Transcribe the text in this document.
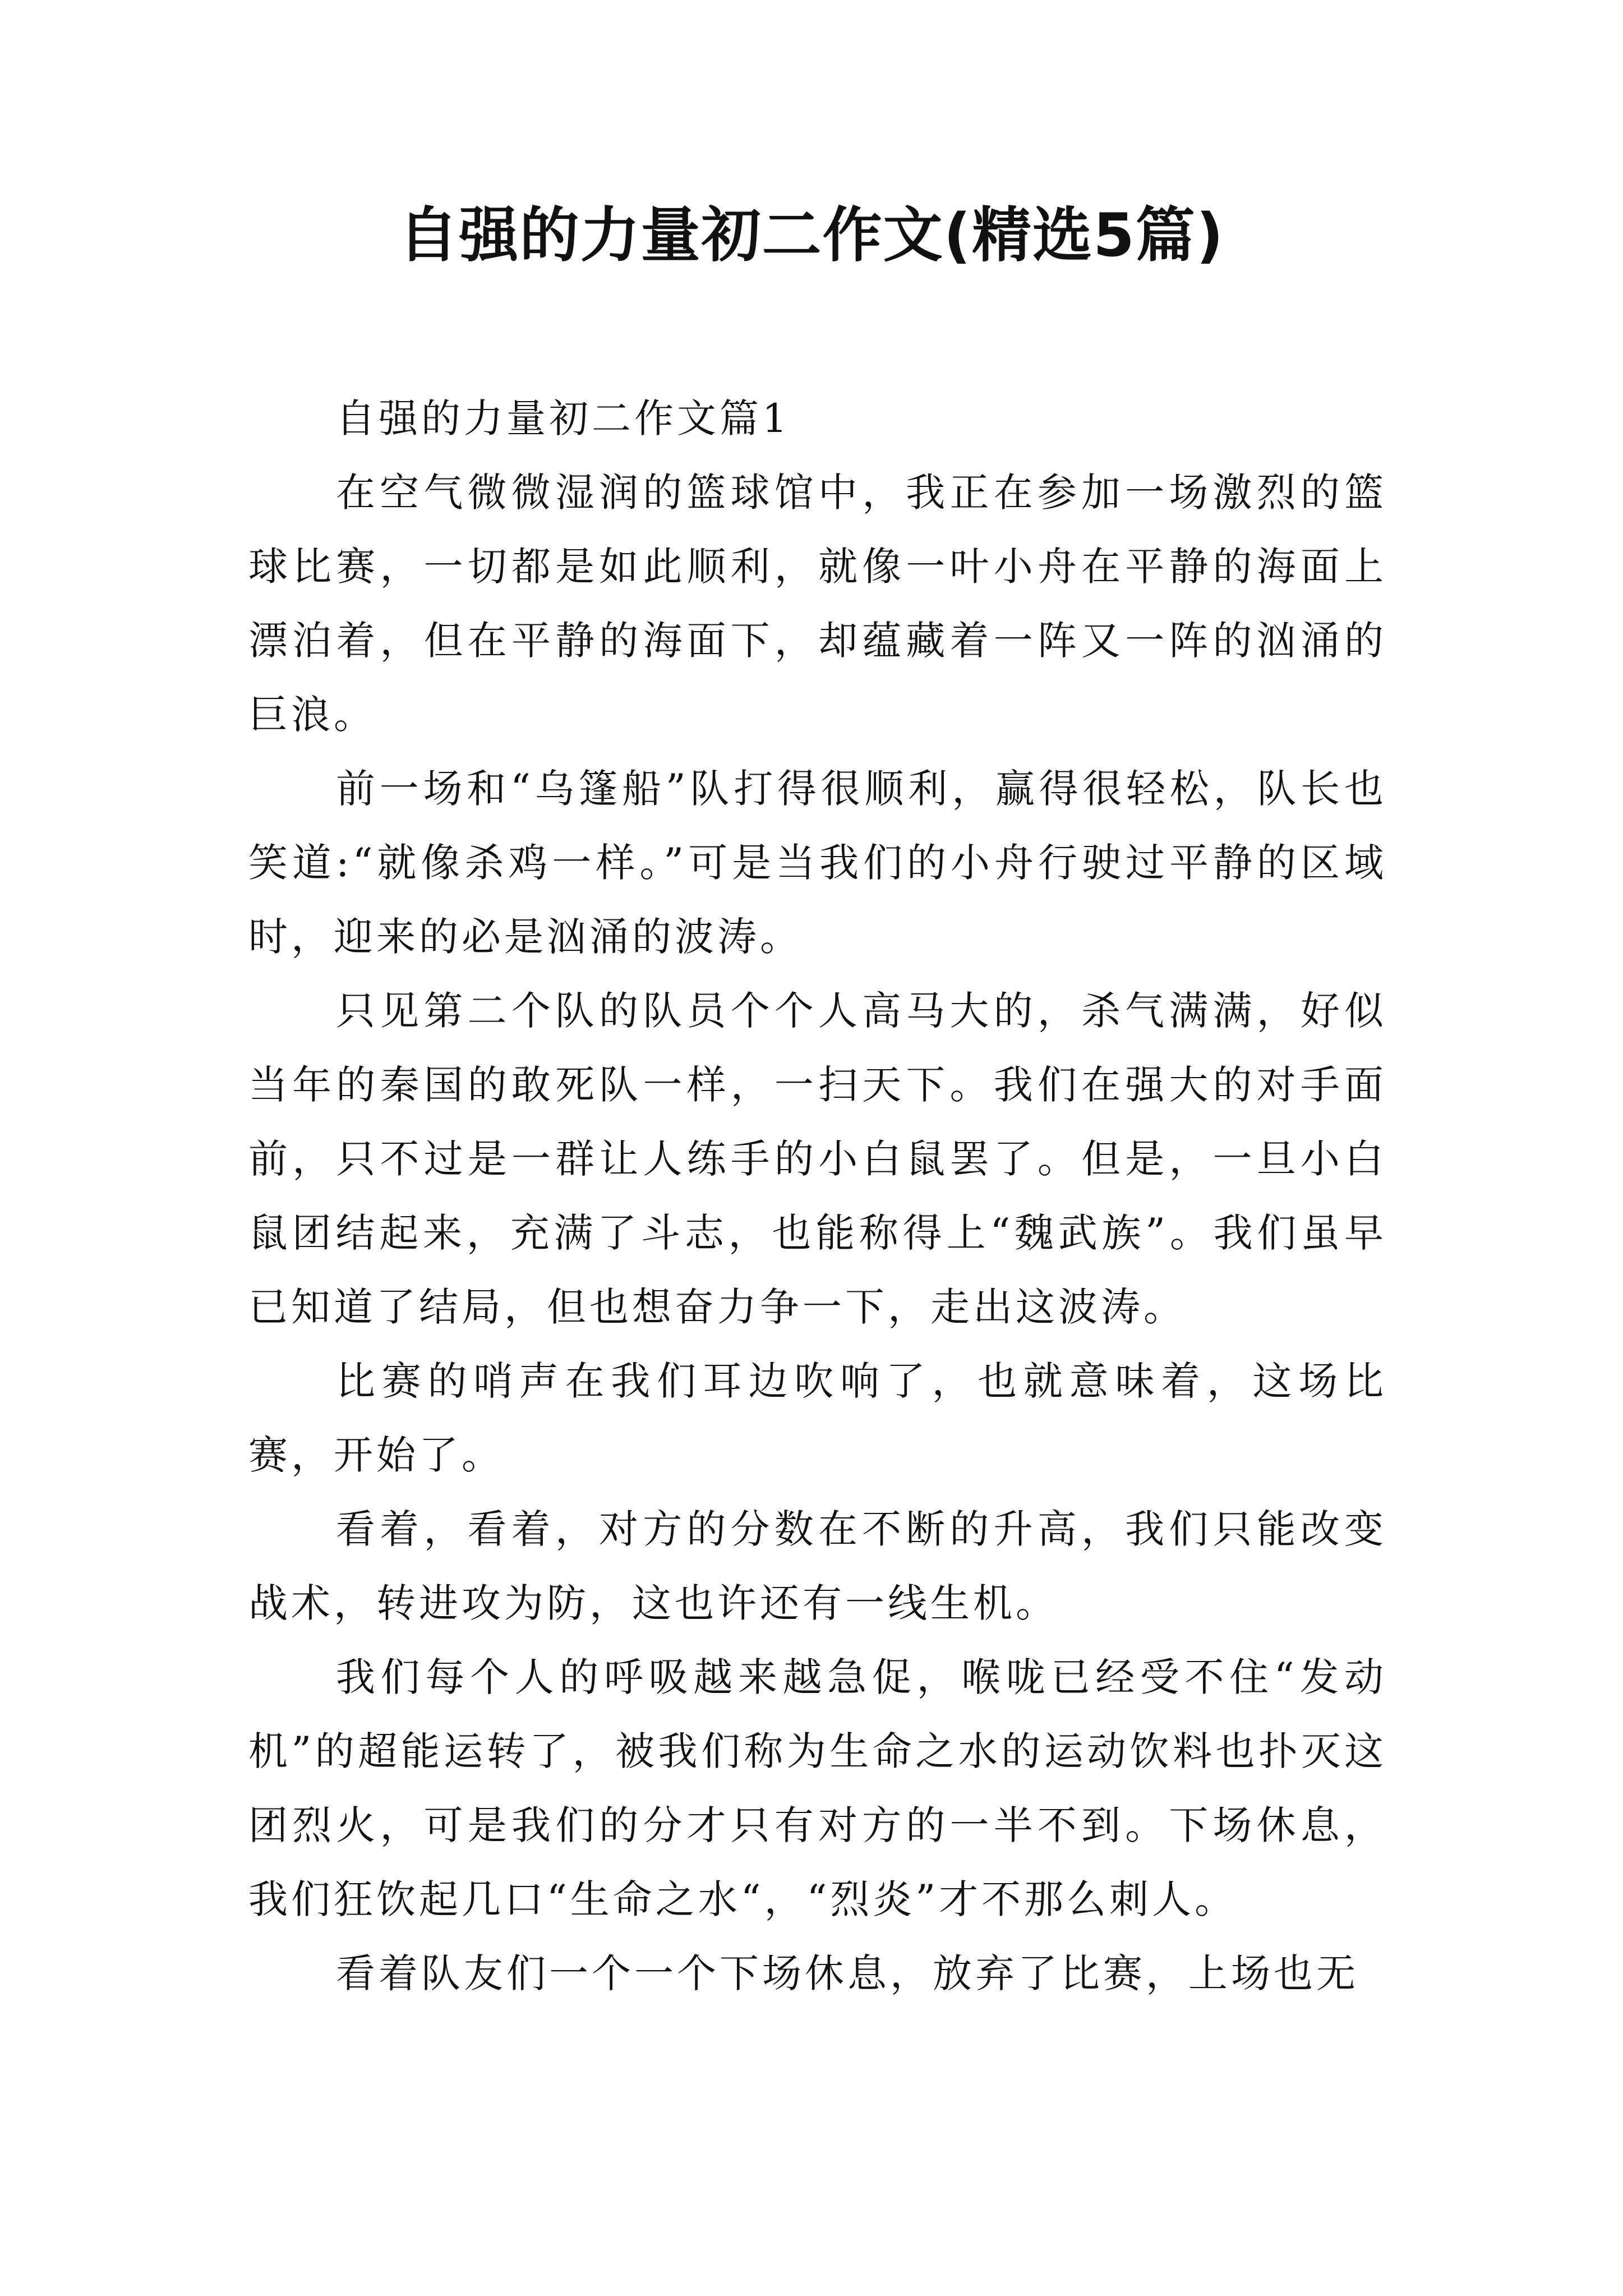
自强的力量初二作文(精选5篇)

自强的力量初二作文篇1

在空气微微湿润的篮球馆中，我正在参加一场激烈的篮球比赛，一切都是如此顺利，就像一叶小舟在平静的海面上漂泊着，但在平静的海面下，却蕴藏着一阵又一阵的汹涌的巨浪。

前一场和“乌篷船”队打得很顺利，赢得很轻松，队长也笑道:“就像杀鸡一样。”可是当我们的小舟行驶过平静的区域时，迎来的必是汹涌的波涛。

只见第二个队的队员个个人高马大的，杀气满满，好似当年的秦国的敢死队一样，一扫天下。我们在强大的对手面前，只不过是一群让人练手的小白鼠罢了。但是，一旦小白鼠团结起来，充满了斗志，也能称得上“魏武族”。我们虽早已知道了结局，但也想奋力争一下，走出这波涛。

比赛的哨声在我们耳边吹响了，也就意味着，这场比赛，开始了。

看着，看着，对方的分数在不断的升高，我们只能改变战术，转进攻为防，这也许还有一线生机。

我们每个人的呼吸越来越急促，喉咙已经受不住“发动机”的超能运转了，被我们称为生命之水的运动饮料也扑灭这团烈火，可是我们的分才只有对方的一半不到。下场休息，我们狂饮起几口“生命之水“，“烈炎”才不那么刺人。

看着队友们一个一个下场休息，放弃了比赛，上场也无
